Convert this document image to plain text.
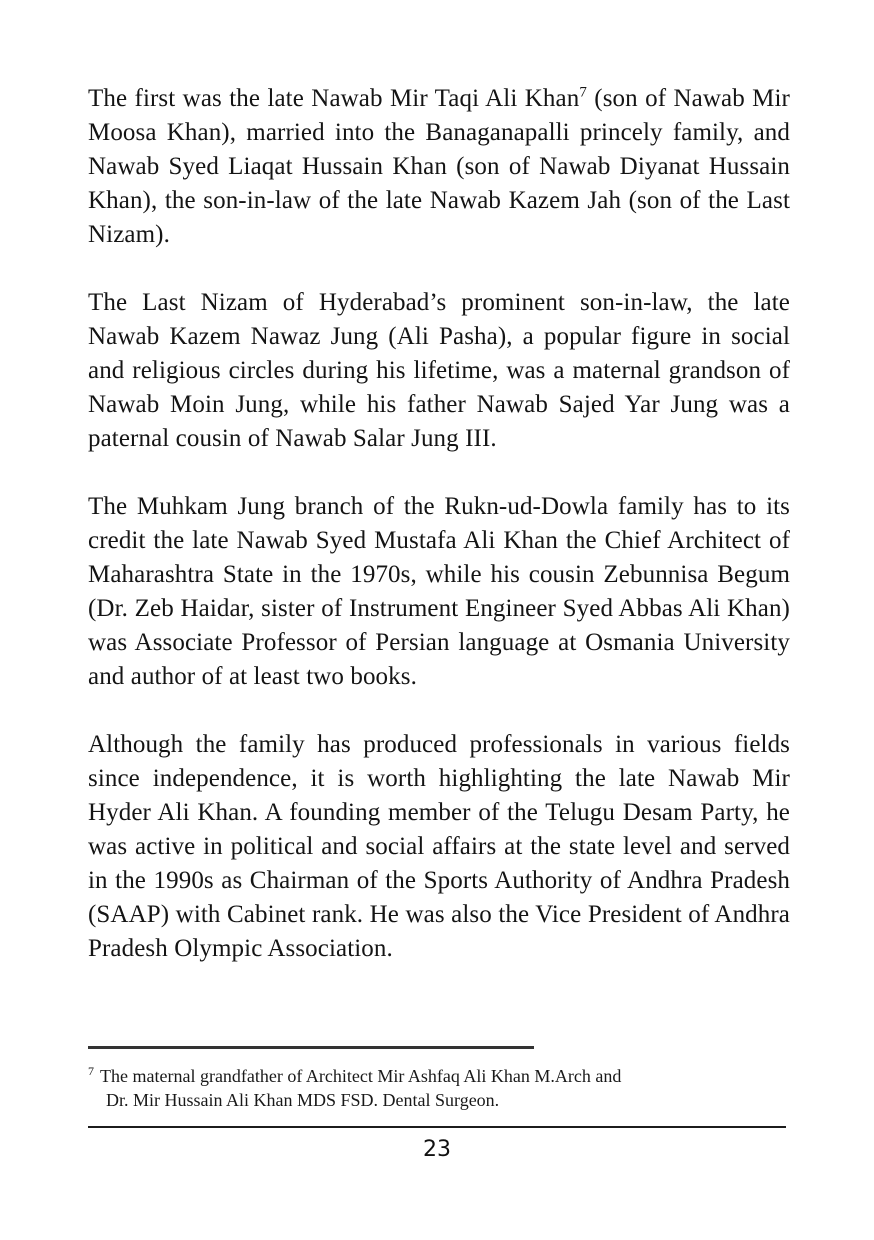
The first was the late Nawab Mir Taqi Ali Khan$^7$ (son of Nawab Mir Moosa Khan), married into the Banaganapalli princely family, and Nawab Syed Liaqat Hussain Khan (son of Nawab Diyanat Hussain Khan), the son-in-law of the late Nawab Kazem Jah (son of the Last Nizam).

The Last Nizam of Hyderabad’s prominent son-in-law, the late Nawab Kazem Nawaz Jung (Ali Pasha), a popular figure in social and religious circles during his lifetime, was a maternal grandson of Nawab Moin Jung, while his father Nawab Sajed Yar Jung was a paternal cousin of Nawab Salar Jung III.

The Muhkam Jung branch of the Rukn-ud-Dowla family has to its credit the late Nawab Syed Mustafa Ali Khan the Chief Architect of Maharashtra State in the 1970s, while his cousin Zebunnisa Begum (Dr. Zeb Haidar, sister of Instrument Engineer Syed Abbas Ali Khan) was Associate Professor of Persian language at Osmania University and author of at least two books.

Although the family has produced professionals in various fields since independence, it is worth highlighting the late Nawab Mir Hyder Ali Khan. A founding member of the Telugu Desam Party, he was active in political and social affairs at the state level and served in the 1990s as Chairman of the Sports Authority of Andhra Pradesh (SAAP) with Cabinet rank. He was also the Vice President of Andhra Pradesh Olympic Association.

$^7$ The maternal grandfather of Architect Mir Ashfaq Ali Khan M.Arch and Dr. Mir Hussain Ali Khan MDS FSD. Dental Surgeon.
23
